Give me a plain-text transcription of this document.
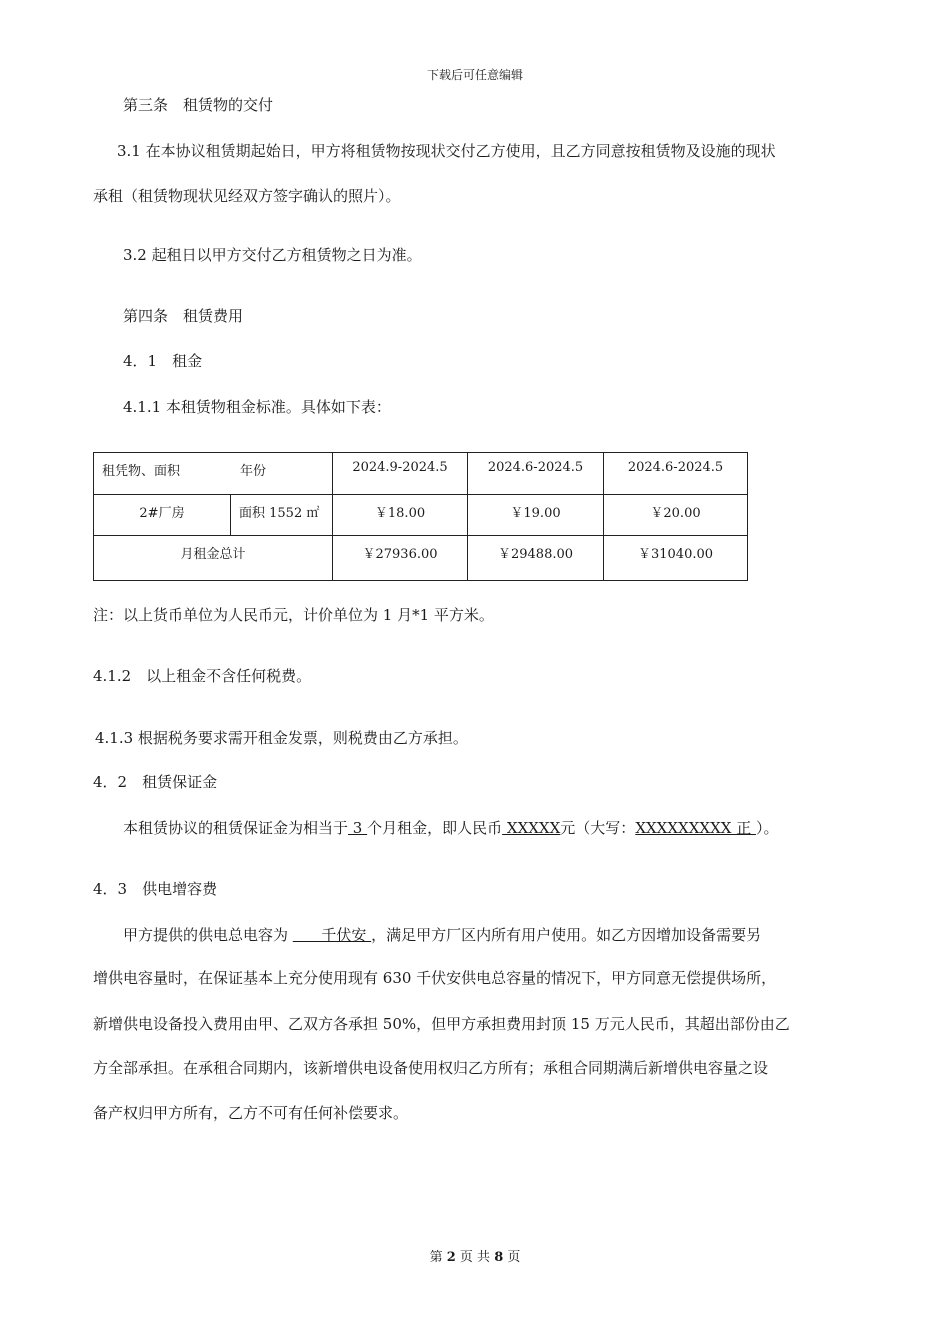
下载后可任意编辑
第三条　租赁物的交付
3.1 在本协议租赁期起始日，甲方将租赁物按现状交付乙方使用，且乙方同意按租赁物及设施的现状
承租（租赁物现状见经双方签字确认的照片）。
3.2 起租日以甲方交付乙方租赁物之日为准。
第四条　租赁费用
4．1　租金
4.1.1 本租赁物租金标准。具体如下表：
租凭物、面积 年份		2024.9-2024.5	2024.6-2024.5	2024.6-2024.5

2#厂房	面积 1552 ㎡	￥18.00	￥19.00	￥20.00

月租金总计		￥27936.00	￥29488.00	￥31040.00
注：以上货币单位为人民币元，计价单位为 1 月*1 平方米。
4.1.2　以上租金不含任何税费。
4.1.3 根据税务要求需开租金发票，则税费由乙方承担。
4．2　租赁保证金
本租赁协议的租赁保证金为相当于 3 个月租金，即人民币 XXXXX元（大写：XXXXXXXXX 正 ）。
4．3　供电增容费
甲方提供的供电总电容为       千伏安 ，满足甲方厂区内所有用户使用。如乙方因增加设备需要另
增供电容量时，在保证基本上充分使用现有 630 千伏安供电总容量的情况下，甲方同意无偿提供场所，
新增供电设备投入费用由甲、乙双方各承担 50%，但甲方承担费用封顶 15 万元人民币，其超出部份由乙
方全部承担。在承租合同期内，该新增供电设备使用权归乙方所有；承租合同期满后新增供电容量之设
备产权归甲方所有，乙方不可有任何补偿要求。
第 2 页 共 8 页
